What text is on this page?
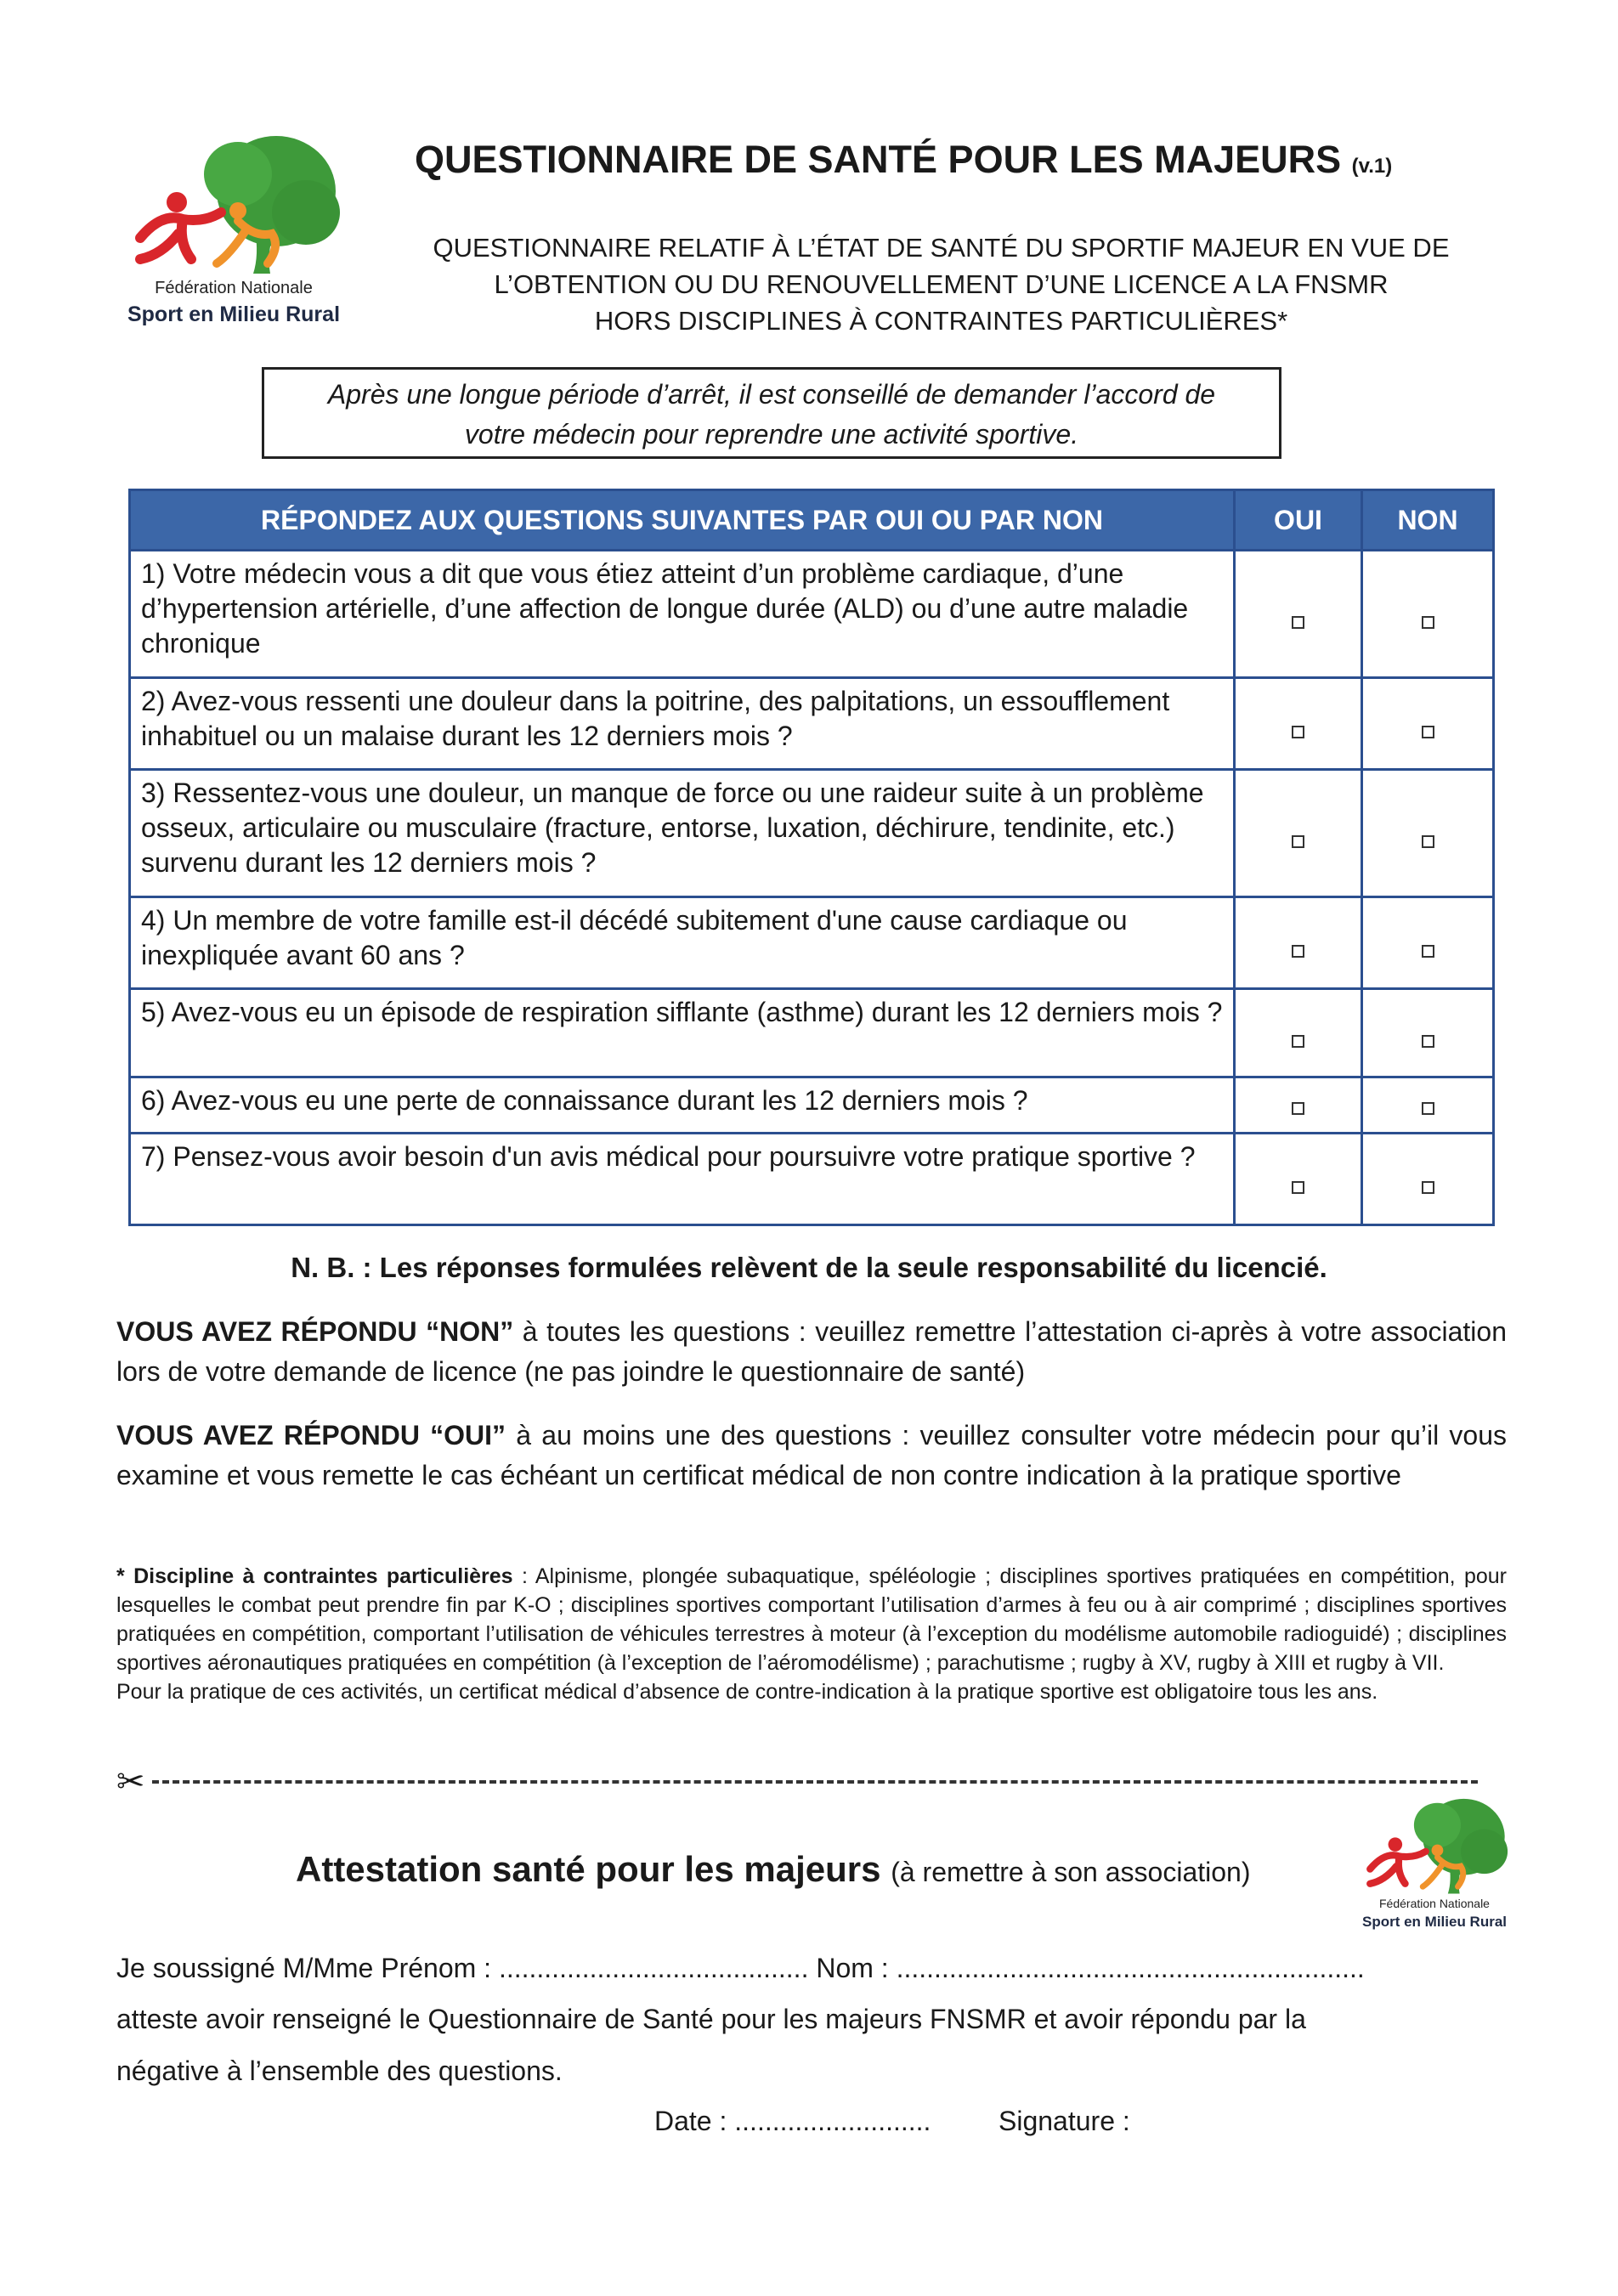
Fédération Nationale
Sport en Milieu Rural
QUESTIONNAIRE DE SANTÉ POUR LES MAJEURS (v.1)
QUESTIONNAIRE RELATIF À L’ÉTAT DE SANTÉ DU SPORTIF MAJEUR EN VUE DE
L’OBTENTION OU DU RENOUVELLEMENT D’UNE LICENCE A LA FNSMR
HORS DISCIPLINES À CONTRAINTES PARTICULIÈRES*
Après une longue période d’arrêt, il est conseillé de demander l’accord de
votre médecin pour reprendre une activité sportive.
RÉPONDEZ AUX QUESTIONS SUIVANTES PAR OUI OU PAR NON	OUI	NON
1) Votre médecin vous a dit que vous étiez atteint d’un problème cardiaque, d’une d’hypertension artérielle, d’une affection de longue durée (ALD) ou d’une autre maladie chronique		
2) Avez-vous ressenti une douleur dans la poitrine, des palpitations, un essoufflement inhabituel ou un malaise durant les 12 derniers mois ?		
3) Ressentez-vous une douleur, un manque de force ou une raideur suite à un problème osseux, articulaire ou musculaire (fracture, entorse, luxation, déchirure, tendinite, etc.) survenu durant les 12 derniers mois ?		
4) Un membre de votre famille est-il décédé subitement d'une cause cardiaque ou inexpliquée avant 60 ans ?		
5) Avez-vous eu un épisode de respiration sifflante (asthme) durant les 12 derniers mois ?		
6) Avez-vous eu une perte de connaissance durant les 12 derniers mois ?		
7) Pensez-vous avoir besoin d'un avis médical pour poursuivre votre pratique sportive ?		
N. B. : Les réponses formulées relèvent de la seule responsabilité du licencié.
VOUS AVEZ RÉPONDU “NON” à toutes les questions : veuillez remettre l’attestation ci-après à votre association lors de votre demande de licence (ne pas joindre le questionnaire de santé)
VOUS AVEZ RÉPONDU “OUI” à au moins une des questions : veuillez consulter votre médecin pour qu’il vous examine et vous remette le cas échéant un certificat médical de non contre indication à la pratique sportive
* Discipline à contraintes particulières : Alpinisme, plongée subaquatique, spéléologie ; disciplines sportives pratiquées en compétition, pour lesquelles le combat peut prendre fin par K-O ; disciplines sportives comportant l’utilisation d’armes à feu ou à air comprimé ; disciplines sportives pratiquées en compétition, comportant l’utilisation de véhicules terrestres à moteur (à l’exception du modélisme automobile radioguidé) ; disciplines sportives aéronautiques pratiquées en compétition (à l’exception de l’aéromodélisme) ; parachutisme ; rugby à XV, rugby à XIII et rugby à VII.
Pour la pratique de ces activités, un certificat médical d’absence de contre-indication à la pratique sportive est obligatoire tous les ans.
✂
Attestation santé pour les majeurs (à remettre à son association)
Fédération Nationale
Sport en Milieu Rural
Je soussigné M/Mme Prénom : ......................................... Nom : ..............................................................
atteste avoir renseigné le Questionnaire de Santé pour les majeurs FNSMR et avoir répondu par la
négative à l’ensemble des questions.
Date : .......................... Signature :
